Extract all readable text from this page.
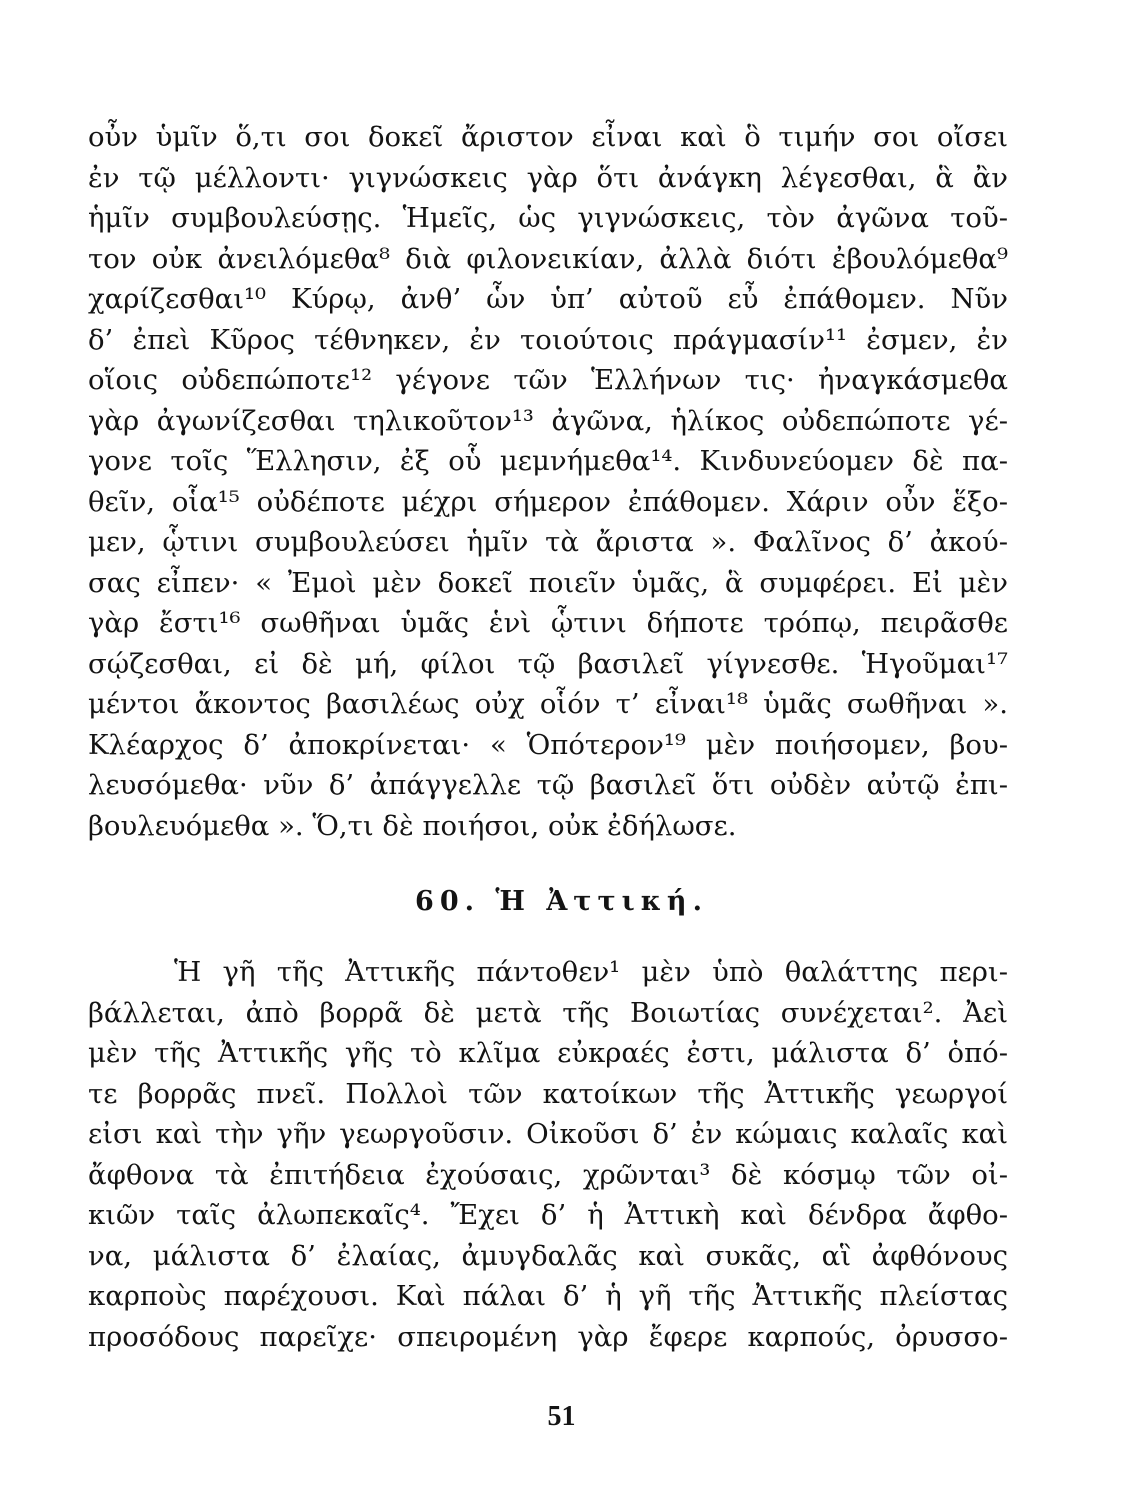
οὖν ὑμῖν ὅ,τι σοι δοκεῖ ἄριστον εἶναι καὶ ὃ τιμήν σοι οἴσει
ἐν τῷ μέλλοντι· γιγνώσκεις γὰρ ὅτι ἀνάγκη λέγεσθαι, ἃ ἂν
ἡμῖν συμβουλεύσῃς. Ἡμεῖς, ὡς γιγνώσκεις, τὸν ἀγῶνα τοῦ-
τον οὐκ ἀνειλόμεθα⁸ διὰ φιλονεικίαν, ἀλλὰ διότι ἐβουλόμεθα⁹
χαρίζεσθαι¹⁰ Κύρῳ, ἀνθ’ ὧν ὑπ’ αὐτοῦ εὖ ἐπάθομεν. Νῦν
δ’ ἐπεὶ Κῦρος τέθνηκεν, ἐν τοιούτοις πράγμασίν¹¹ ἐσμεν, ἐν
οἵοις οὐδεπώποτε¹² γέγονε τῶν Ἑλλήνων τις· ἠναγκάσμεθα
γὰρ ἀγωνίζεσθαι τηλικοῦτον¹³ ἀγῶνα, ἡλίκος οὐδεπώποτε γέ-
γονε τοῖς Ἕλλησιν, ἐξ οὗ μεμνήμεθα¹⁴. Κινδυνεύομεν δὲ πα-
θεῖν, οἷα¹⁵ οὐδέποτε μέχρι σήμερον ἐπάθομεν. Χάριν οὖν ἕξο-
μεν, ᾧτινι συμβουλεύσει ἡμῖν τὰ ἄριστα ». Φαλῖνος δ’ ἀκού-
σας εἶπεν· « Ἐμοὶ μὲν δοκεῖ ποιεῖν ὑμᾶς, ἃ συμφέρει. Εἰ μὲν
γὰρ ἔστι¹⁶ σωθῆναι ὑμᾶς ἑνὶ ᾧτινι δήποτε τρόπῳ, πειρᾶσθε
σῴζεσθαι, εἰ δὲ μή, φίλοι τῷ βασιλεῖ γίγνεσθε. Ἡγοῦμαι¹⁷
μέντοι ἄκοντος βασιλέως οὐχ οἷόν τ’ εἶναι¹⁸ ὑμᾶς σωθῆναι ».
Κλέαρχος δ’ ἀποκρίνεται· « Ὁπότερον¹⁹ μὲν ποιήσομεν, βου-
λευσόμεθα· νῦν δ’ ἀπάγγελλε τῷ βασιλεῖ ὅτι οὐδὲν αὐτῷ ἐπι-
βουλευόμεθα ». Ὅ,τι δὲ ποιήσοι, οὐκ ἐδήλωσε.
60. Ἡ Ἀττική.
Ἡ γῆ τῆς Ἀττικῆς πάντοθεν¹ μὲν ὑπὸ θαλάττης περι-
βάλλεται, ἀπὸ βορρᾶ δὲ μετὰ τῆς Βοιωτίας συνέχεται². Ἀεὶ
μὲν τῆς Ἀττικῆς γῆς τὸ κλῖμα εὐκραές ἐστι, μάλιστα δ’ ὁπό-
τε βορρᾶς πνεῖ. Πολλοὶ τῶν κατοίκων τῆς Ἀττικῆς γεωργοί
εἰσι καὶ τὴν γῆν γεωργοῦσιν. Οἰκοῦσι δ’ ἐν κώμαις καλαῖς καὶ
ἄφθονα τὰ ἐπιτήδεια ἐχούσαις, χρῶνται³ δὲ κόσμῳ τῶν οἰ-
κιῶν ταῖς ἀλωπεκαῖς⁴. Ἔχει δ’ ἡ Ἀττικὴ καὶ δένδρα ἄφθο-
να, μάλιστα δ’ ἐλαίας, ἀμυγδαλᾶς καὶ συκᾶς, αἳ ἀφθόνους
καρποὺς παρέχουσι. Καὶ πάλαι δ’ ἡ γῆ τῆς Ἀττικῆς πλείστας
προσόδους παρεῖχε· σπειρομένη γὰρ ἔφερε καρπούς, ὀρυσσο-
51
